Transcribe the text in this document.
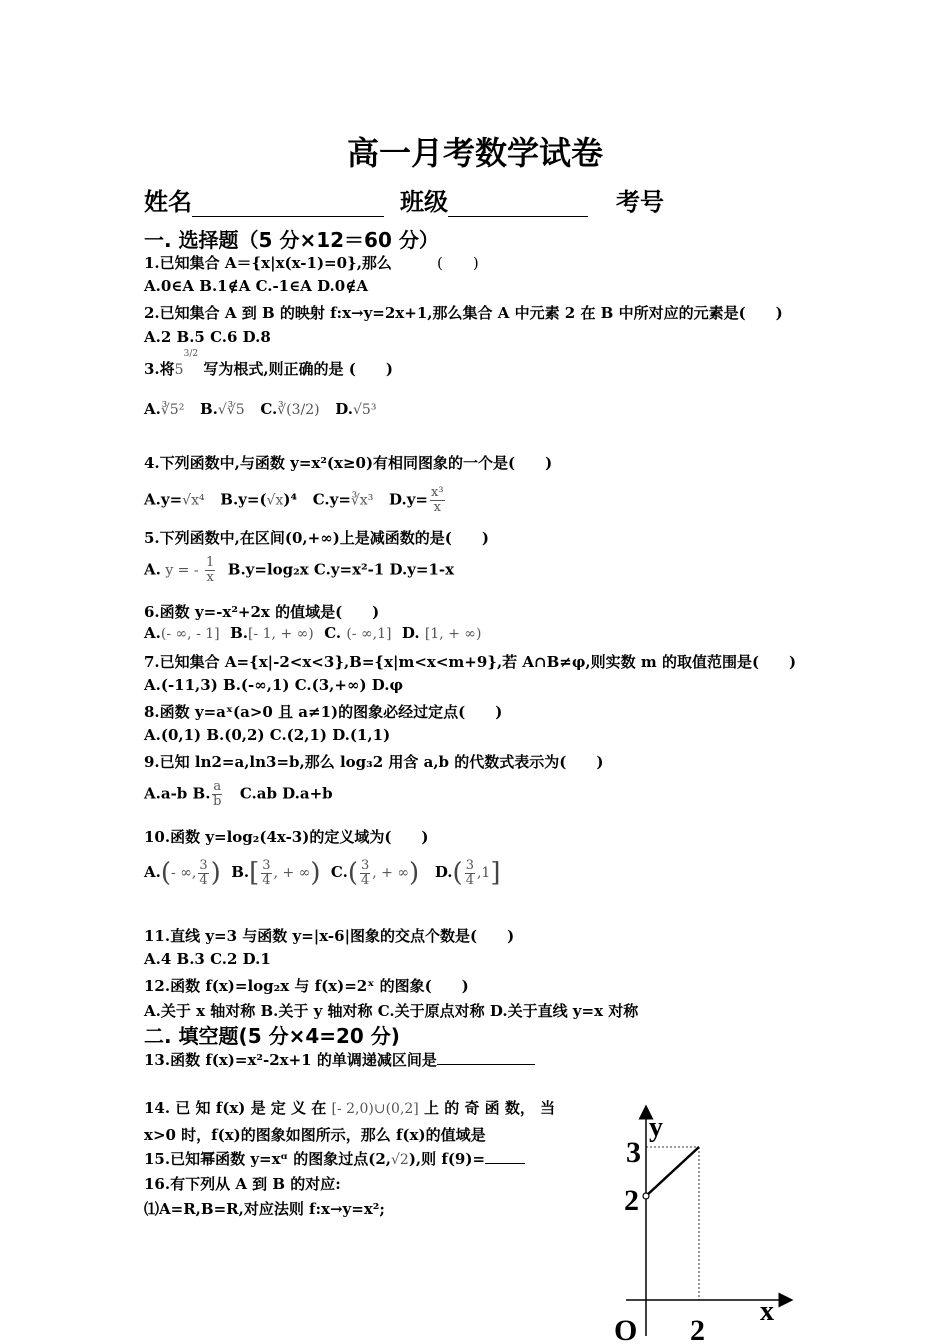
高一月考数学试卷
姓名	班级	考号
一. 选择题（5 分×12＝60 分）
1.已知集合 A＝{x|x(x-1)=0},那么	(　　)
A.0∈A B.1∉A C.-1∈A D.0∉A
2.已知集合 A 到 B 的映射 f:x→y=2x+1,那么集合 A 中元素 2 在 B 中所对应的元素是(　　)
A.2 B.5 C.6 D.8
3.将$5^{3/2}$ 写为根式,则正确的是 (　　)
A.∛5²   B.√∛5   C.∛(3/2)   D.√5³
4.下列函数中,与函数 y=x²(x≥0)有相同图象的一个是(　　)
A.y=√x⁴   B.y=(√x)⁴   C.y=∛x³   $D.y= \frac{\text{x³}}{x}$
5.下列函数中,在区间(0,+∞)上是减函数的是(　　)
A. y = - $\frac{1}{x} B.y=\log_2x$ C.y=x²-1 D.y=1-x
6.函数 y=-x²+2x 的值域是(　　)
A.(- ∞, - 1]  B.[- 1, + ∞)  C. (- ∞,1]  D. [1, + ∞)
7.已知集合 A={x|-2<x<3},B={x|m<x<m+9},若 A∩B≠φ,则实数 m 的取值范围是(　　)
A.(-11,3) B.(-∞,1) C.(3,+∞) D.φ
8.函数 y=aˣ(a>0 且 a≠1)的图象必经过定点(　　)
A.(0,1) B.(0,2) C.(2,1) D.(1,1)
9.已知 ln2=a,ln3=b,那么 log₃2 用含 a,b 的代数式表示为(　　)
A.a-b B. $\frac{a}{b} C.ab$ D.a+b
10.函数 y=log₂(4x-3)的定义域为(　　)
A.(- ∞, $\frac{3}{4}$ )  $B.[ \frac{3}{4}$ , + ∞)  $C.( \frac{3}{4}$ , + ∞)   $D.( \frac{3}{4} ,1]$
11.直线 y=3 与函数 y=|x-6|图象的交点个数是(　　)
A.4 B.3 C.2 D.1
12.函数 f(x)=log₂x 与 f(x)=2ˣ 的图象(　　)
A.关于 x 轴对称 B.关于 y 轴对称 C.关于原点对称 D.关于直线 y=x 对称
二. 填空题(5 分×4=20 分)
13.函数 f(x)=x²-2x+1 的单调递减区间是
14. 已 知 f(x) 是 定 义 在 [- 2,0)∪(0,2] 上 的 奇 函 数， 当
x>0 时，f(x)的图象如图所示，那么 f(x)的值域是
15.已知幂函数 y=xᵅ 的图象过点(2,√2),则 f(9)=
16.有下列从 A 到 B 的对应:
⑴A=R,B=R,对应法则 f:x→y=x²;
y
3
2
O 2
x
